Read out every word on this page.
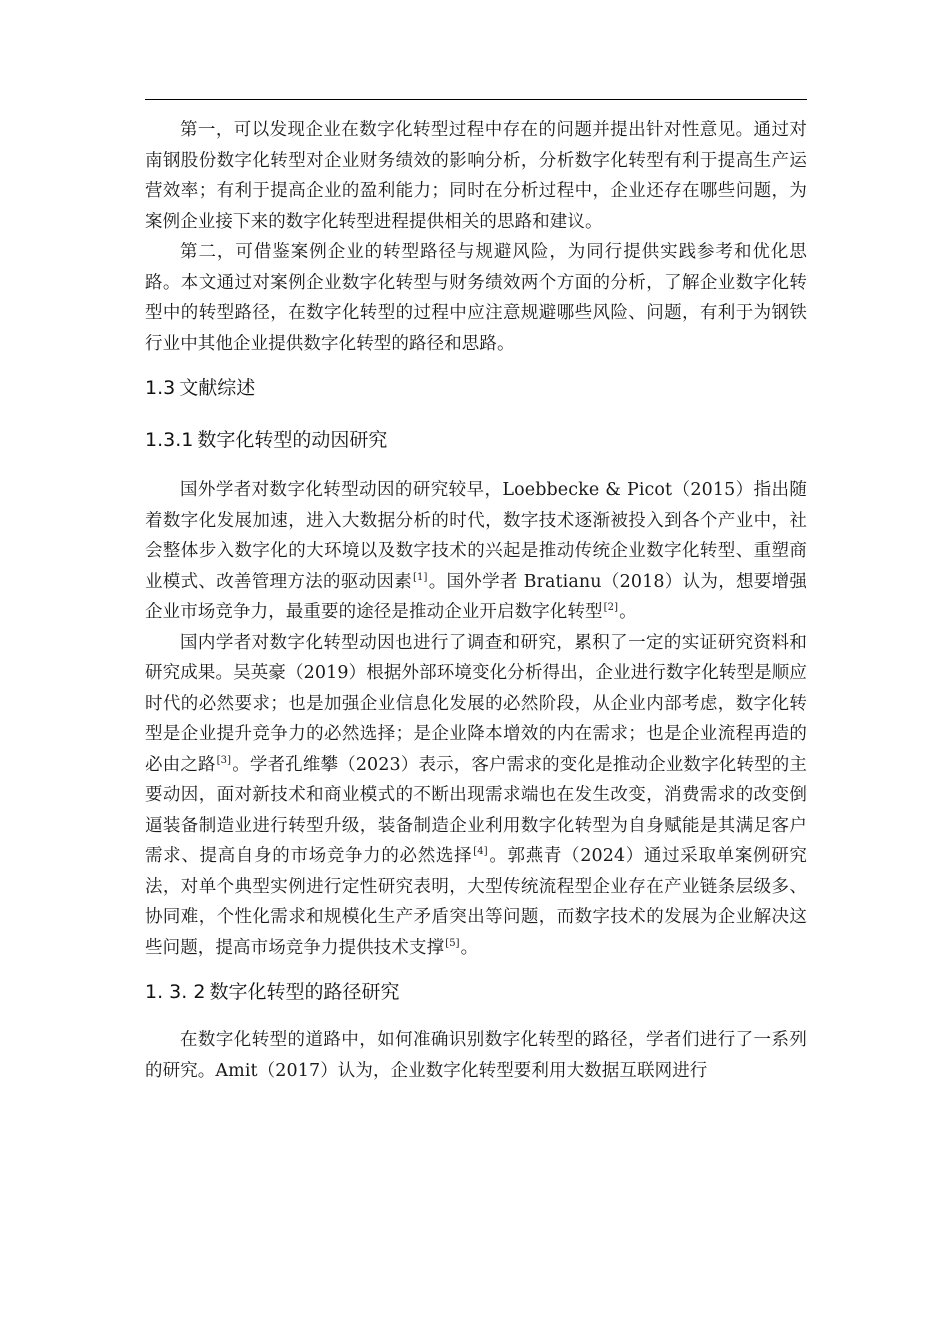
第一，可以发现企业在数字化转型过程中存在的问题并提出针对性意见。通过对南钢股份数字化转型对企业财务绩效的影响分析，分析数字化转型有利于提高生产运营效率；有利于提高企业的盈利能力；同时在分析过程中，企业还存在哪些问题，为案例企业接下来的数字化转型进程提供相关的思路和建议。

第二，可借鉴案例企业的转型路径与规避风险，为同行提供实践参考和优化思路。本文通过对案例企业数字化转型与财务绩效两个方面的分析，了解企业数字化转型中的转型路径，在数字化转型的过程中应注意规避哪些风险、问题，有利于为钢铁行业中其他企业提供数字化转型的路径和思路。

1.3 文献综述
1.3.1 数字化转型的动因研究

国外学者对数字化转型动因的研究较早，Loebbecke & Picot（2015）指出随着数字化发展加速，进入大数据分析的时代，数字技术逐渐被投入到各个产业中，社会整体步入数字化的大环境以及数字技术的兴起是推动传统企业数字化转型、重塑商业模式、改善管理方法的驱动因素[1]。国外学者 Bratianu（2018）认为，想要增强企业市场竞争力，最重要的途径是推动企业开启数字化转型[2]。

国内学者对数字化转型动因也进行了调查和研究，累积了一定的实证研究资料和研究成果。吴英豪（2019）根据外部环境变化分析得出，企业进行数字化转型是顺应时代的必然要求；也是加强企业信息化发展的必然阶段，从企业内部考虑，数字化转型是企业提升竞争力的必然选择；是企业降本增效的内在需求；也是企业流程再造的必由之路[3]。学者孔维攀（2023）表示，客户需求的变化是推动企业数字化转型的主要动因，面对新技术和商业模式的不断出现需求端也在发生改变，消费需求的改变倒逼装备制造业进行转型升级，装备制造企业利用数字化转型为自身赋能是其满足客户需求、提高自身的市场竞争力的必然选择[4]。郭燕青（2024）通过采取单案例研究法，对单个典型实例进行定性研究表明，大型传统流程型企业存在产业链条层级多、协同难，个性化需求和规模化生产矛盾突出等问题，而数字技术的发展为企业解决这些问题，提高市场竞争力提供技术支撑[5]。

1. 3. 2 数字化转型的路径研究

在数字化转型的道路中，如何准确识别数字化转型的路径，学者们进行了一系列的研究。Amit（2017）认为，企业数字化转型要利用大数据互联网进行
